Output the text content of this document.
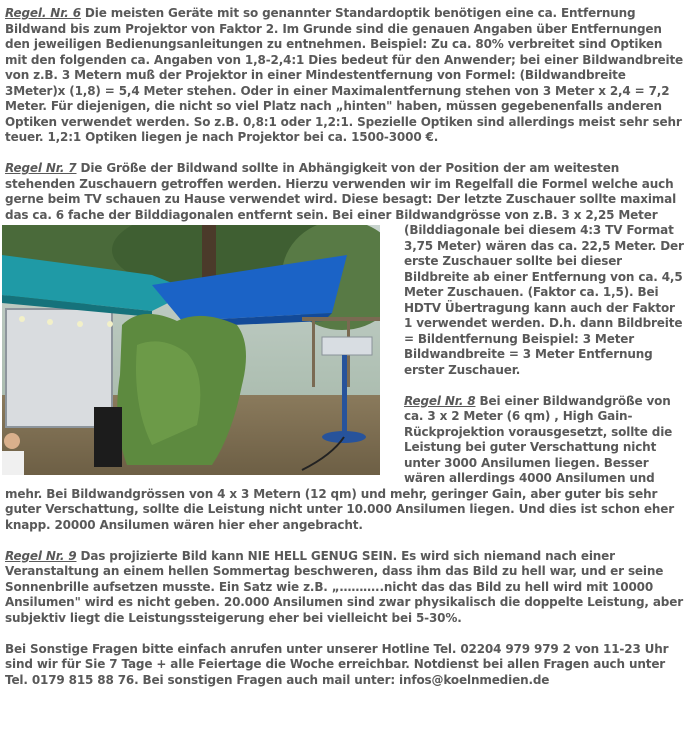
Regel. Nr. 6 Die meisten Geräte mit so genannter Standardoptik benötigen eine ca. Entfernung Bildwand bis zum Projektor von Faktor 2. Im Grunde sind die genauen Angaben über Entfernungen den jeweiligen Bedienungsanleitungen zu entnehmen. Beispiel: Zu ca. 80% verbreitet sind Optiken mit den folgenden ca. Angaben von 1,8-2,4:1 Dies bedeut für den Anwender; bei einer Bildwandbreite von z.B. 3 Metern muß der Projektor in einer Mindestentfernung von Formel: (Bildwandbreite 3Meter)x (1,8) = 5,4 Meter stehen. Oder in einer Maximalentfernung stehen von 3 Meter x 2,4 = 7,2 Meter. Für diejenigen, die nicht so viel Platz nach „hinten" haben, müssen gegebenenfalls anderen Optiken verwendet werden. So z.B. 0,8:1 oder 1,2:1. Spezielle Optiken sind allerdings meist sehr sehr teuer. 1,2:1 Optiken liegen je nach Projektor bei ca. 1500-3000 €.

Regel Nr. 7 Die Größe der Bildwand sollte in Abhängigkeit von der Position der am weitesten stehenden Zuschauern getroffen werden. Hierzu verwenden wir im Regelfall die Formel welche auch gerne beim TV schauen zu Hause verwendet wird. Diese besagt: Der letzte Zuschauer sollte maximal das ca. 6 fache der Bilddiagonalen entfernt sein. Bei einer Bildwandgrösse von z.B. 3 x 2,25 Meter (Bilddiagonale bei diesem 4:3 TV Format 3,75 Meter) wären das ca. 22,5 Meter. Der erste Zuschauer sollte bei dieser Bildbreite ab einer Entfernung von ca. 4,5 Meter Zuschauen. (Faktor ca. 1,5). Bei HDTV Übertragung kann auch der Faktor 1 verwendet werden. D.h. dann Bildbreite = Bildentfernung Beispiel: 3 Meter Bildwandbreite = 3 Meter Entfernung erster Zuschauer.

Regel Nr. 8 Bei einer Bildwandgröße von ca. 3 x 2 Meter (6 qm) , High Gain-Rückprojektion vorausgesetzt, sollte die Leistung bei guter Verschattung nicht unter 3000 Ansilumen liegen. Besser wären allerdings 4000 Ansilumen und mehr. Bei Bildwandgrössen von 4 x 3 Metern (12 qm) und mehr, geringer Gain, aber guter bis sehr guter Verschattung, sollte die Leistung nicht unter 10.000 Ansilumen liegen. Und dies ist schon eher knapp. 20000 Ansilumen wären hier eher angebracht.

Regel Nr. 9 Das projizierte Bild kann NIE HELL GENUG SEIN. Es wird sich niemand nach einer Veranstaltung an einem hellen Sommertag beschweren, dass ihm das Bild zu hell war, und er seine Sonnenbrille aufsetzen musste. Ein Satz wie z.B. „………..nicht das das Bild zu hell wird mit 10000 Ansilumen" wird es nicht geben. 20.000 Ansilumen sind zwar physikalisch die doppelte Leistung, aber subjektiv liegt die Leistungssteigerung eher bei vielleicht bei 5-30%.

Bei Sonstige Fragen bitte einfach anrufen unter unserer Hotline Tel. 02204 979 979 2 von 11-23 Uhr sind wir für Sie 7 Tage + alle Feiertage die Woche erreichbar. Notdienst bei allen Fragen auch unter Tel. 0179 815 88 76. Bei sonstigen Fragen auch mail unter: infos@koelnmedien.de
